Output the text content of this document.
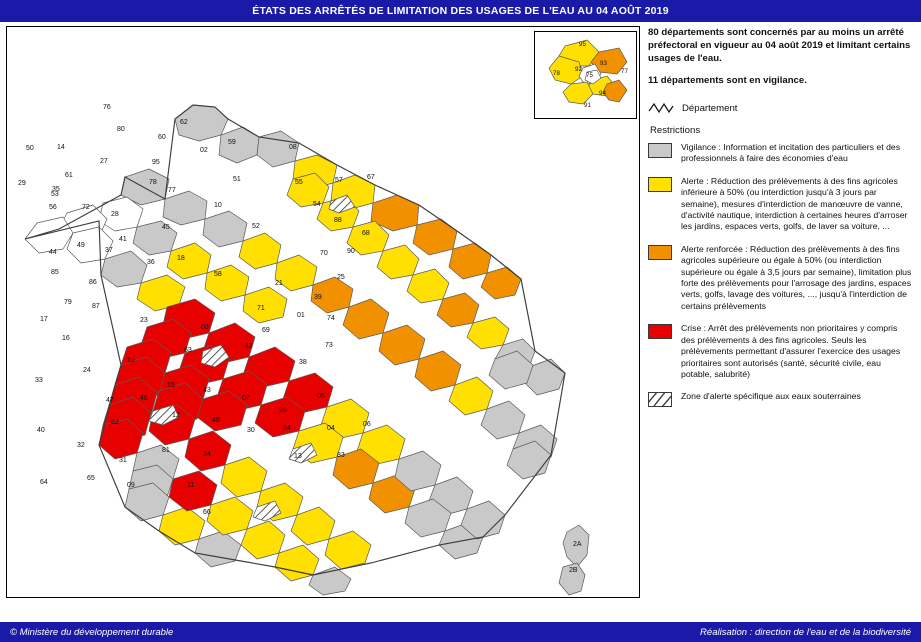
ÉTATS DES ARRÊTÉS DE LIMITATION DES USAGES DE L'EAU AU 04 AOÛT 2019
62
59
80
02	08
60
76
27	95
51	55	57	67
54
88
68
90
70
25
39
21
52
10
77
78
45
41
28
14
50
61
72
53
29
56
35
44
49
37
36
18
58
71
01	74
73
38
69
42
03
23
87
16
17
79
86
85
33
24
19
63
15
43
07
26
05
04
06
83
13
84
30
48
12
81
34
11
09
31
32
40
64
65
66
47
82
46
2A
2B
95
78
92
75
93
77
91
94

80 départements sont concernés par au moins un arrêté préfectoral en vigueur au 04 août 2019 et limitant certains usages de l'eau.

11 départements sont en vigilance.

Département

Restrictions

Vigilance : Information et incitation des particuliers et des professionnels à faire des économies d'eau
Alerte : Réduction des prélèvements à des fins agricoles inférieure à 50% (ou interdiction jusqu'à 3 jours par semaine), mesures d'interdiction de manœuvre de vanne, d'activité nautique, interdiction à certaines heures d'arroser les jardins, espaces verts, golfs, de laver sa voiture, ...
Alerte renforcée : Réduction des prélèvements à des fins agricoles supérieure ou égale à 50% (ou interdiction supérieure ou égale à 3,5 jours par semaine), limitation plus forte des prélèvements pour l'arrosage des jardins, espaces verts, golfs, lavage des voitures, ..., jusqu'à l'interdiction de certains prélèvements
Crise : Arrêt des prélèvements non prioritaires y compris des prélèvements à des fins agricoles. Seuls les prélèvements permettant d'assurer l'exercice des usages prioritaires sont autorisés (santé, sécurité civile, eau potable, salubrité)
Zone d'alerte spécifique aux eaux souterraines
© Ministère du développement durable	Réalisation : direction de l'eau et de la biodiversité
